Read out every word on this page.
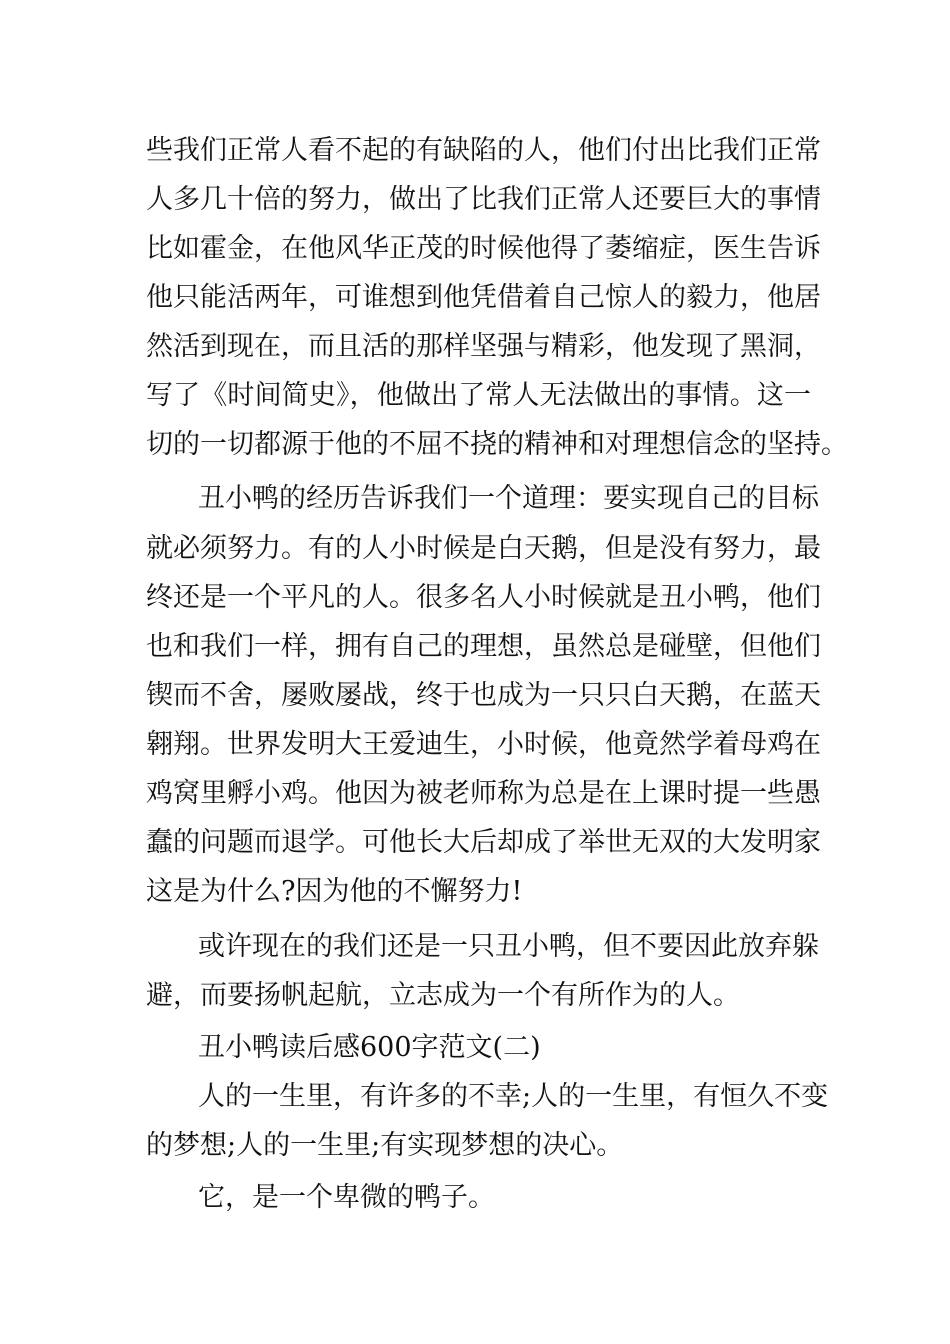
些我们正常人看不起的有缺陷的人，他们付出比我们正常
人多几十倍的努力，做出了比我们正常人还要巨大的事情
比如霍金，在他风华正茂的时候他得了萎缩症，医生告诉
他只能活两年，可谁想到他凭借着自己惊人的毅力，他居
然活到现在，而且活的那样坚强与精彩，他发现了黑洞，
写了《时间简史》，他做出了常人无法做出的事情。这一
切的一切都源于他的不屈不挠的精神和对理想信念的坚持。
丑小鸭的经历告诉我们一个道理：要实现自己的目标
就必须努力。有的人小时候是白天鹅，但是没有努力，最
终还是一个平凡的人。很多名人小时候就是丑小鸭，他们
也和我们一样，拥有自己的理想，虽然总是碰壁，但他们
锲而不舍，屡败屡战，终于也成为一只只白天鹅，在蓝天
翱翔。世界发明大王爱迪生，小时候，他竟然学着母鸡在
鸡窝里孵小鸡。他因为被老师称为总是在上课时提一些愚
蠢的问题而退学。可他长大后却成了举世无双的大发明家
这是为什么?因为他的不懈努力!
或许现在的我们还是一只丑小鸭，但不要因此放弃躲
避，而要扬帆起航，立志成为一个有所作为的人。
丑小鸭读后感600字范文(二)
人的一生里，有许多的不幸;人的一生里，有恒久不变
的梦想;人的一生里;有实现梦想的决心。
它，是一个卑微的鸭子。
